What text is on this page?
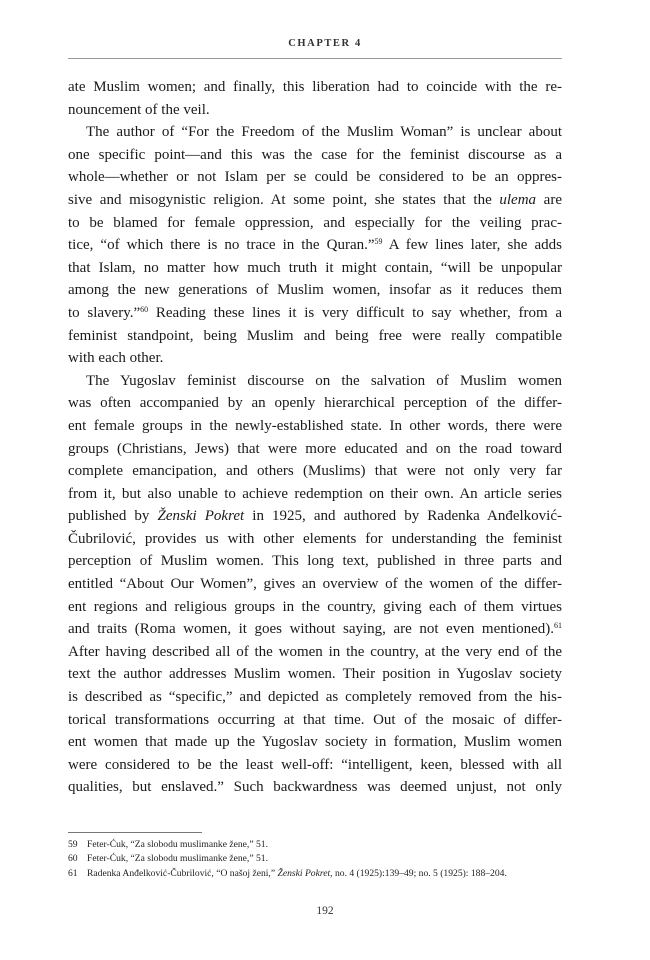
CHAPTER 4
ate Muslim women; and finally, this liberation had to coincide with the re-
nouncement of the veil.
The author of “For the Freedom of the Muslim Woman” is unclear about
one specific point—and this was the case for the feminist discourse as a
whole—whether or not Islam per se could be considered to be an oppres-
sive and misogynistic religion. At some point, she states that the ulema are
to be blamed for female oppression, and especially for the veiling prac-
tice, “of which there is no trace in the Quran.”$^{59}$ A few lines later, she adds
that Islam, no matter how much truth it might contain, “will be unpopular
among the new generations of Muslim women, insofar as it reduces them
to slavery.”$^{60}$ Reading these lines it is very difficult to say whether, from a
feminist standpoint, being Muslim and being free were really compatible
with each other.
The Yugoslav feminist discourse on the salvation of Muslim women
was often accompanied by an openly hierarchical perception of the differ-
ent female groups in the newly-established state. In other words, there were
groups (Christians, Jews) that were more educated and on the road toward
complete emancipation, and others (Muslims) that were not only very far
from it, but also unable to achieve redemption on their own. An article series
published by Ženski Pokret in 1925, and authored by Radenka Anđelković-
Čubrilović, provides us with other elements for understanding the feminist
perception of Muslim women. This long text, published in three parts and
entitled “About Our Women”, gives an overview of the women of the differ-
ent regions and religious groups in the country, giving each of them virtues
and traits (Roma women, it goes without saying, are not even mentioned).$^{61}$
After having described all of the women in the country, at the very end of the
text the author addresses Muslim women. Their position in Yugoslav society
is described as “specific,” and depicted as completely removed from the his-
torical transformations occurring at that time. Out of the mosaic of differ-
ent women that made up the Yugoslav society in formation, Muslim women
were considered to be the least well-off: “intelligent, keen, blessed with all
qualities, but enslaved.” Such backwardness was deemed unjust, not only
59 Feter-Ćuk, “Za slobodu muslimanke žene,” 51.
60 Feter-Ćuk, “Za slobodu muslimanke žene,” 51.
61 Radenka Anđelković-Čubrilović, “O našoj ženi,” Ženski Pokret, no. 4 (1925):139–49; no. 5 (1925): 188–204.
192
